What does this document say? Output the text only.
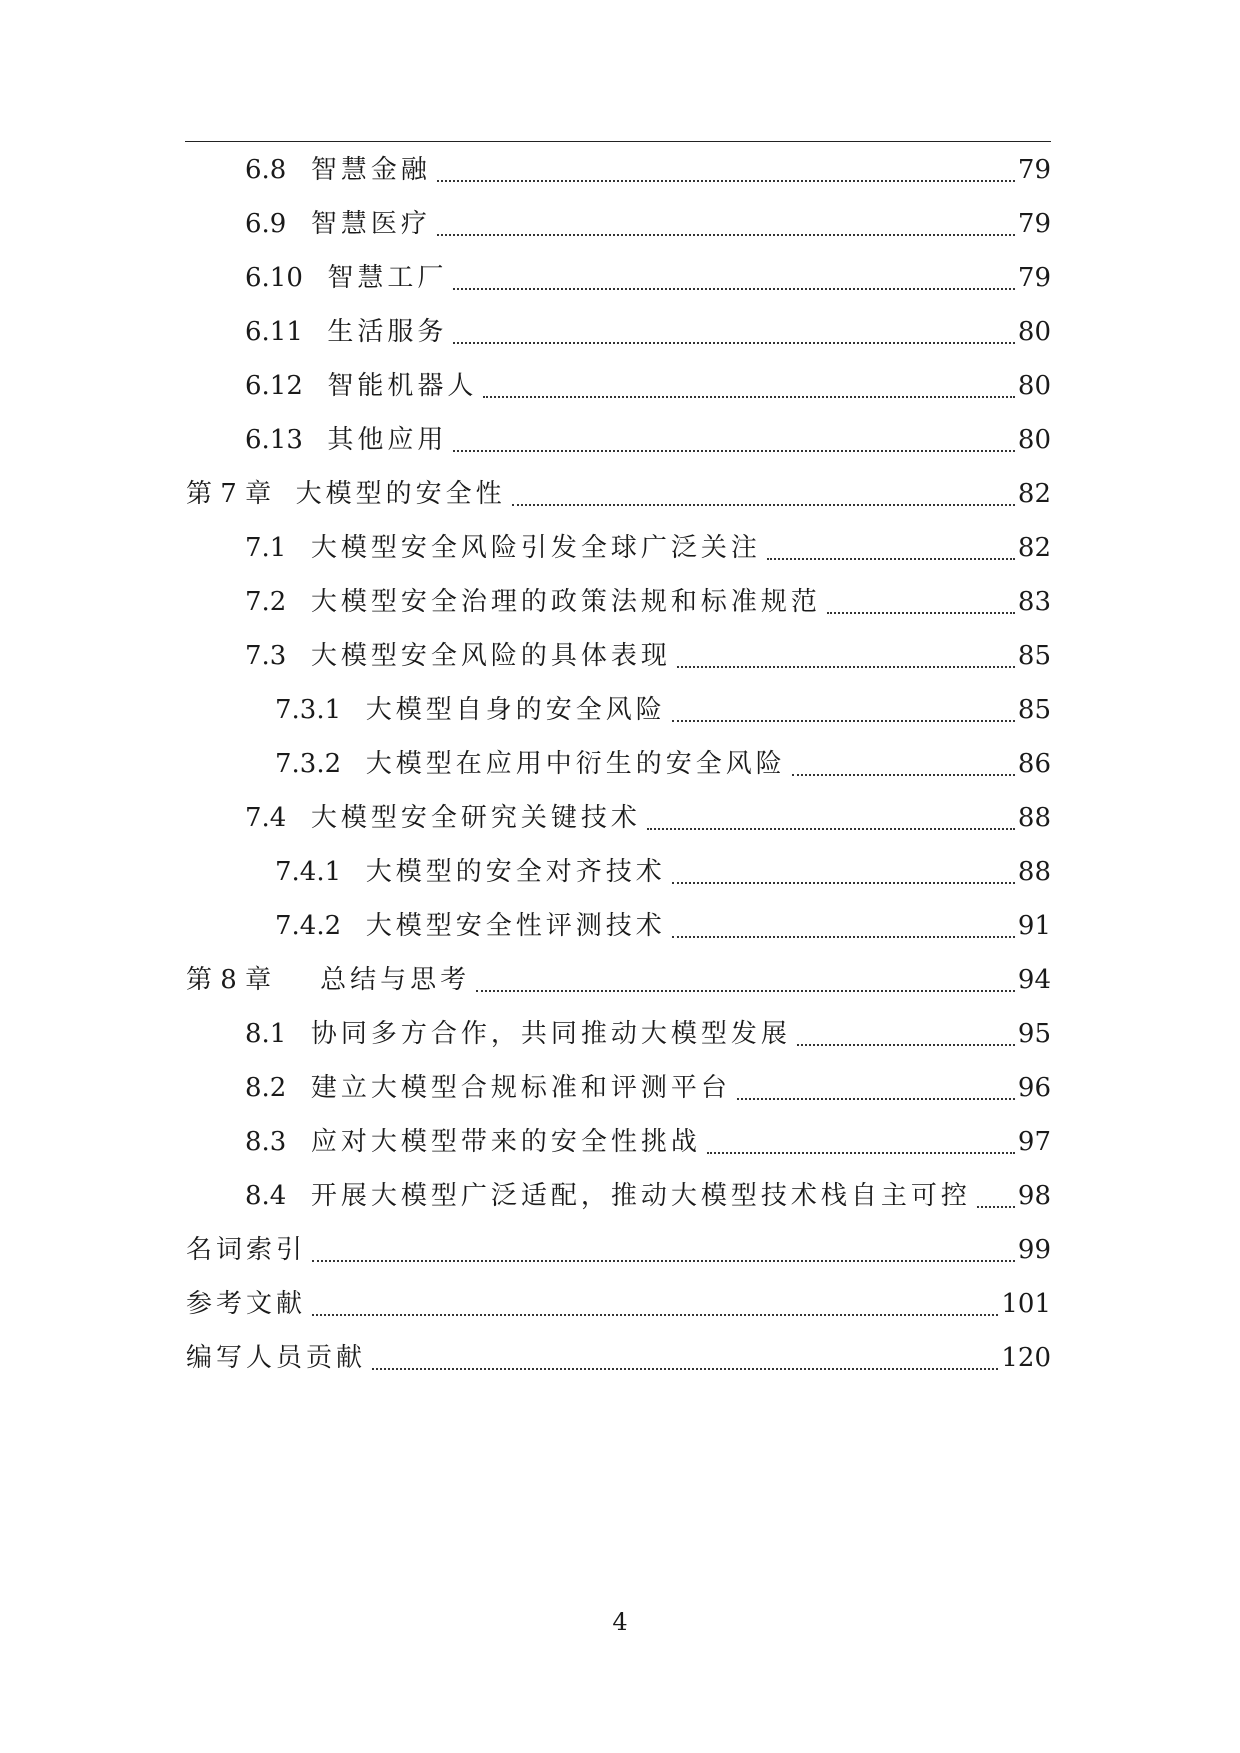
6.8 智慧金融	79
6.9 智慧医疗	79
6.10 智慧工厂	79
6.11 生活服务	80
6.12 智能机器人	80
6.13 其他应用	80
第 7 章 大模型的安全性	82
7.1 大模型安全风险引发全球广泛关注	82
7.2 大模型安全治理的政策法规和标准规范	83
7.3 大模型安全风险的具体表现	85
7.3.1 大模型自身的安全风险	85
7.3.2 大模型在应用中衍生的安全风险	86
7.4 大模型安全研究关键技术	88
7.4.1 大模型的安全对齐技术	88
7.4.2 大模型安全性评测技术	91
第 8 章 总结与思考	94
8.1 协同多方合作，共同推动大模型发展	95
8.2 建立大模型合规标准和评测平台	96
8.3 应对大模型带来的安全性挑战	97
8.4 开展大模型广泛适配，推动大模型技术栈自主可控 98
名词索引	99
参考文献	101
编写人员贡献	120
4
